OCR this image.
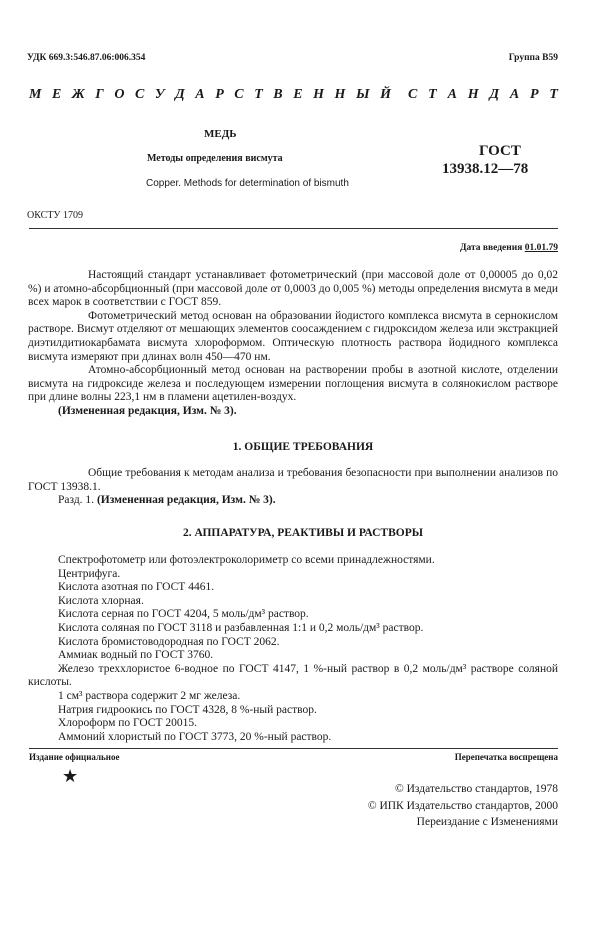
УДК 669.3:546.87.06:006.354	Группа В59

М Е Ж Г О С У Д А Р С Т В Е Н Н Ы Й С Т А Н Д А Р Т

МЕДЬ

Методы определения висмута

Copper. Methods for determination of bismuth

ГОСТ

13938.12—78

ОКСТУ 1709

Дата введения 01.01.79

Настоящий стандарт устанавливает фотометрический (при массовой доле от 0,00005 до 0,02 %) и атомно-абсорбционный (при массовой доле от 0,0003 до 0,005 %) методы определения висмута в меди всех марок в соответствии с ГОСТ 859.

Фотометрический метод основан на образовании йодистого комплекса висмута в сернокислом растворе. Висмут отделяют от мешающих элементов соосаждением с гидроксидом железа или экстракцией диэтилдитиокарбамата висмута хлороформом. Оптическую плотность раствора йодидного комплекса висмута измеряют при длинах волн 450—470 нм.

Атомно-абсорбционный метод основан на растворении пробы в азотной кислоте, отделении висмута на гидроксиде железа и последующем измерении поглощения висмута в солянокислом растворе при длине волны 223,1 нм в пламени ацетилен-воздух.

(Измененная редакция, Изм. № 3).

1. ОБЩИЕ ТРЕБОВАНИЯ

Общие требования к методам анализа и требования безопасности при выполнении анализов по ГОСТ 13938.1.

Разд. 1. (Измененная редакция, Изм. № 3).

2. АППАРАТУРА, РЕАКТИВЫ И РАСТВОРЫ

Спектрофотометр или фотоэлектроколориметр со всеми принадлежностями.

Центрифуга.

Кислота азотная по ГОСТ 4461.

Кислота хлорная.

Кислота серная по ГОСТ 4204, 5 моль/дм³ раствор.

Кислота соляная по ГОСТ 3118 и разбавленная 1:1 и 0,2 моль/дм³ раствор.

Кислота бромистоводородная по ГОСТ 2062.

Аммиак водный по ГОСТ 3760.

Железо треххлористое 6-водное по ГОСТ 4147, 1 %-ный раствор в 0,2 моль/дм³ растворе соляной кислоты.

1 см³ раствора содержит 2 мг железа.

Натрия гидроокись по ГОСТ 4328, 8 %-ный раствор.

Хлороформ по ГОСТ 20015.

Аммоний хлористый по ГОСТ 3773, 20 %-ный раствор.

Издание официальное	Перепечатка воспрещена

★

© Издательство стандартов, 1978

© ИПК Издательство стандартов, 2000

Переиздание с Изменениями
